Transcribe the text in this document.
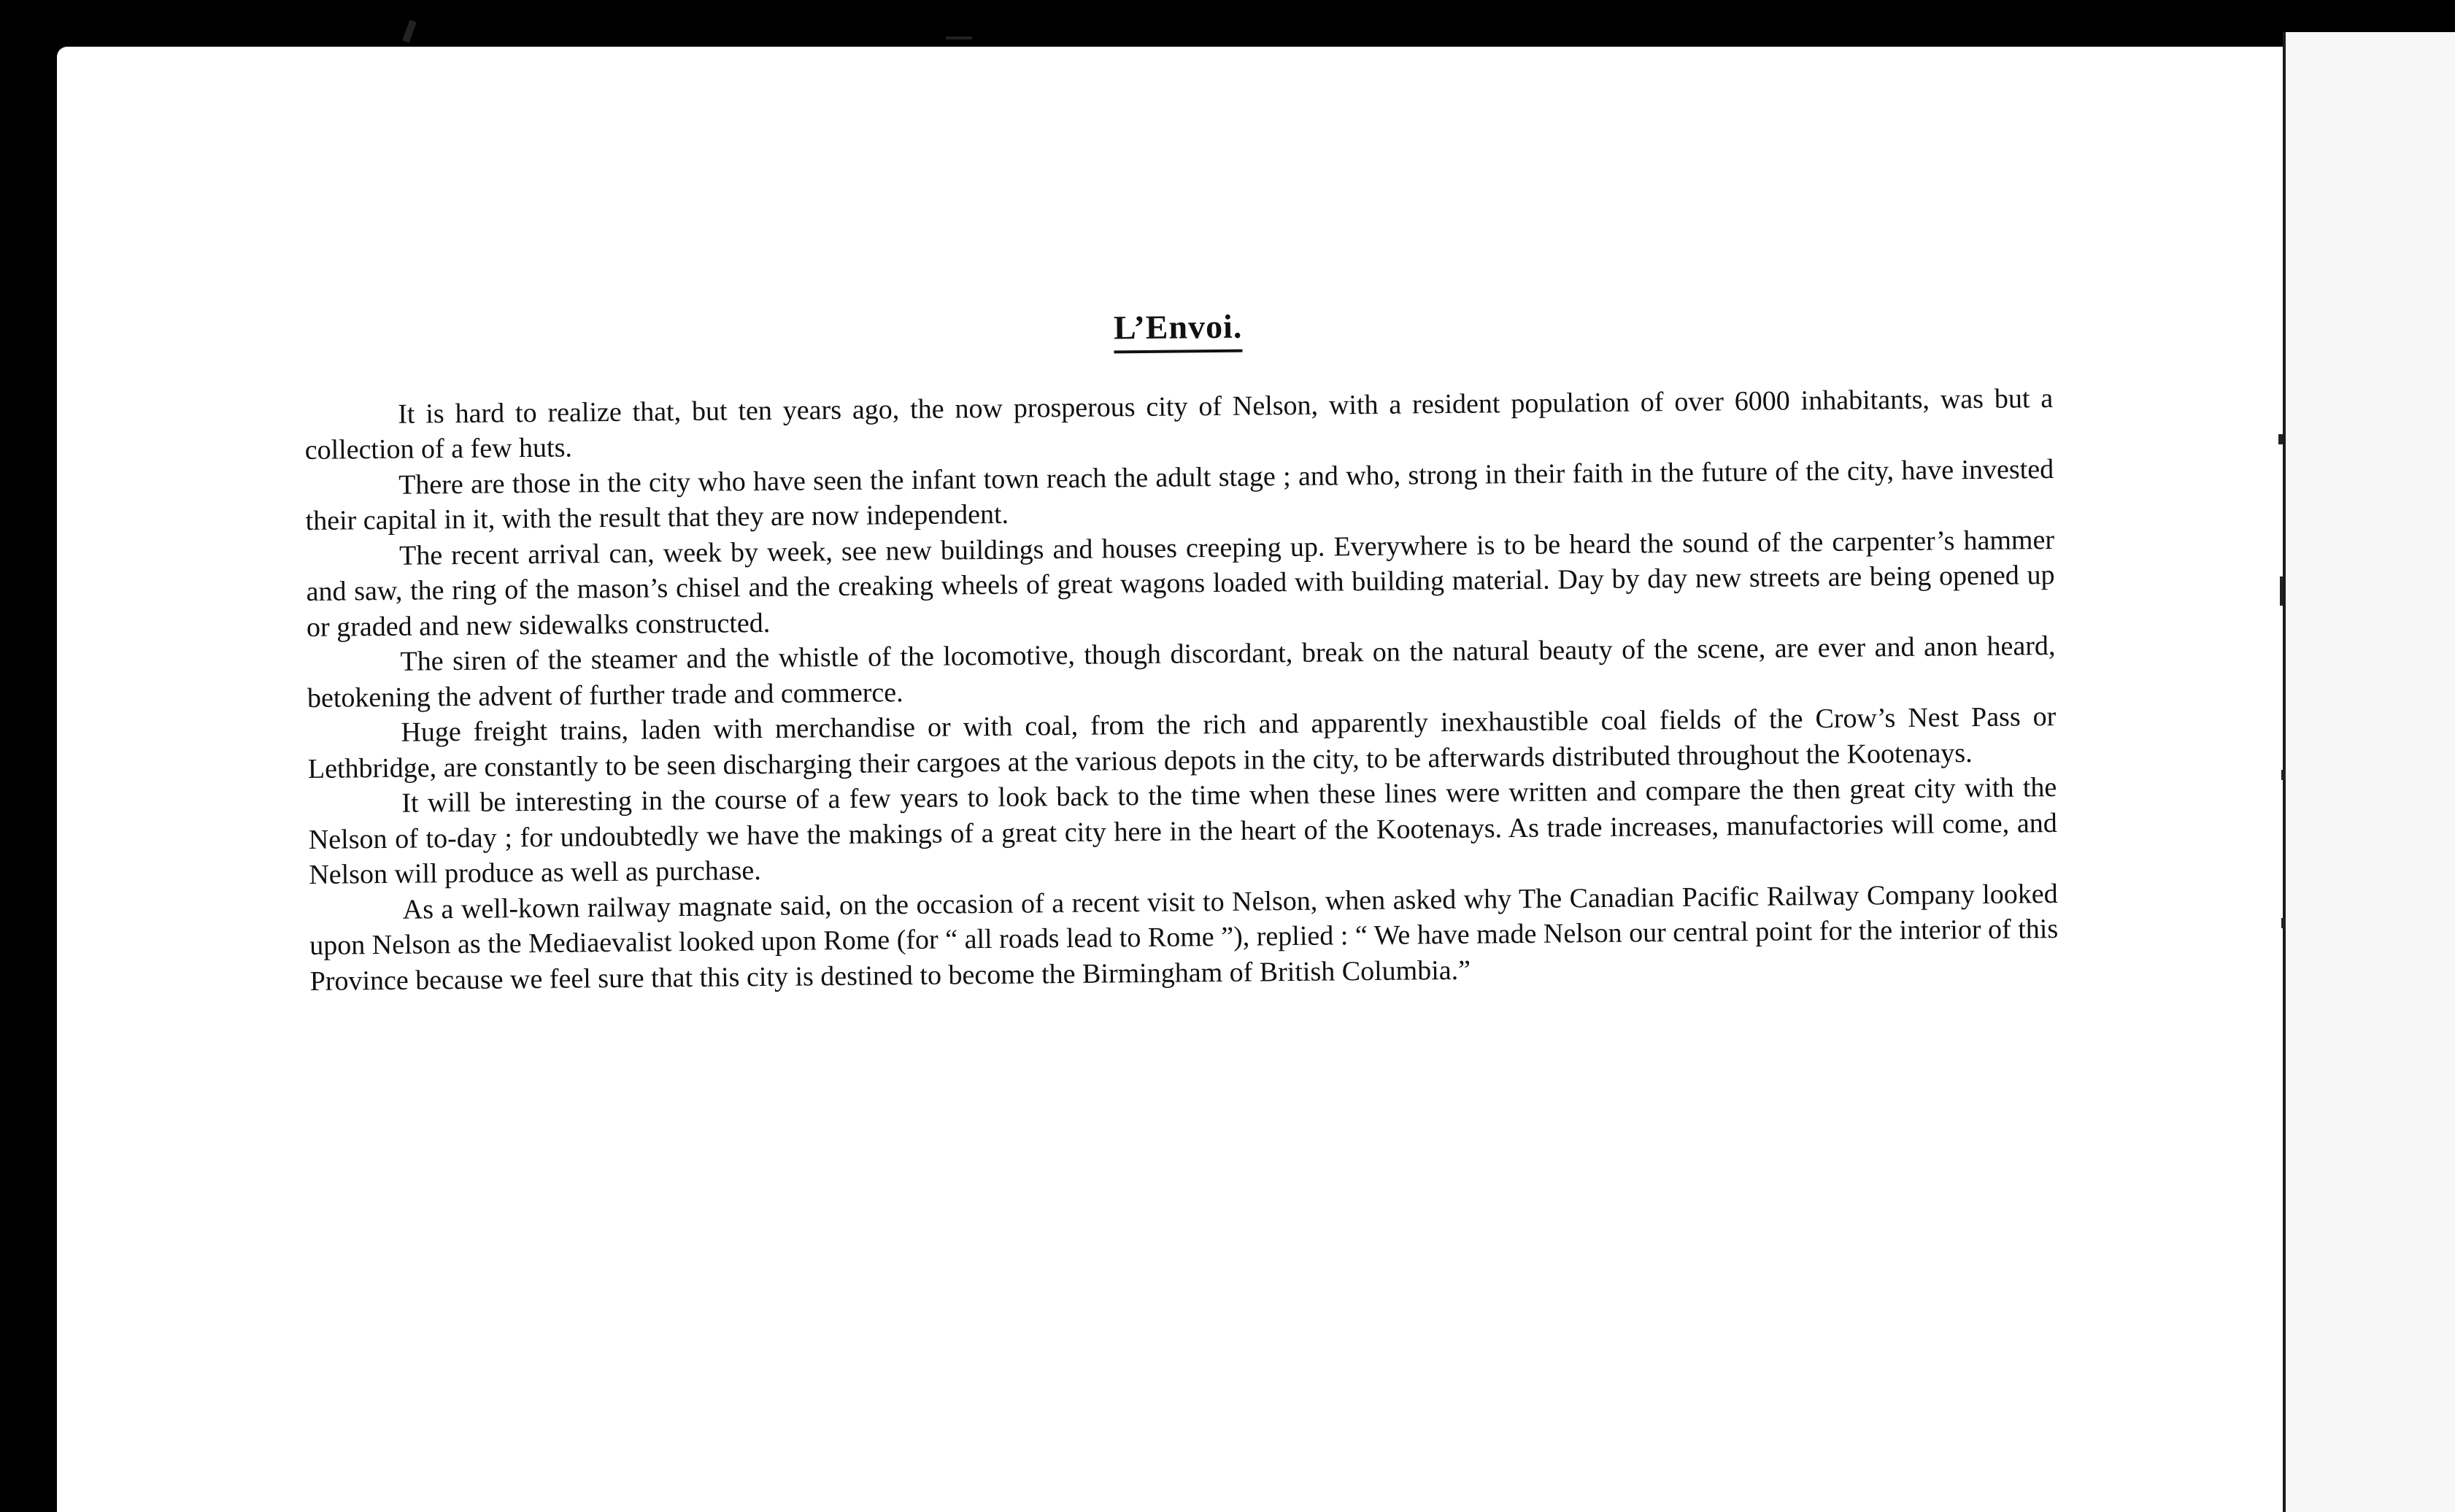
L’Envoi.

It is hard to realize that, but ten years ago, the now prosperous city of Nelson, with a resident population of over 6000 inhabitants, was but a collection of a few huts.

There are those in the city who have seen the infant town reach the adult stage ; and who, strong in their faith in the future of the city, have invested their capital in it, with the result that they are now independent.

The recent arrival can, week by week, see new buildings and houses creeping up. Everywhere is to be heard the sound of the carpenter’s hammer and saw, the ring of the mason’s chisel and the creaking wheels of great wagons loaded with building material. Day by day new streets are being opened up or graded and new sidewalks constructed.

The siren of the steamer and the whistle of the locomotive, though discordant, break on the natural beauty of the scene, are ever and anon heard, betokening the advent of further trade and commerce.

Huge freight trains, laden with merchandise or with coal, from the rich and apparently inexhaustible coal fields of the Crow’s Nest Pass or Lethbridge, are constantly to be seen discharging their cargoes at the various depots in the city, to be afterwards distributed throughout the Kootenays.

It will be interesting in the course of a few years to look back to the time when these lines were written and compare the then great city with the Nelson of to-day ; for undoubtedly we have the makings of a great city here in the heart of the Kootenays. As trade increases, manufactories will come, and Nelson will produce as well as purchase.

As a well-kown railway magnate said, on the occasion of a recent visit to Nelson, when asked why The Canadian Pacific Railway Company looked upon Nelson as the Mediaevalist looked upon Rome (for “ all roads lead to Rome ”), replied : “ We have made Nelson our central point for the interior of this Province because we feel sure that this city is destined to become the Birmingham of British Columbia.”
